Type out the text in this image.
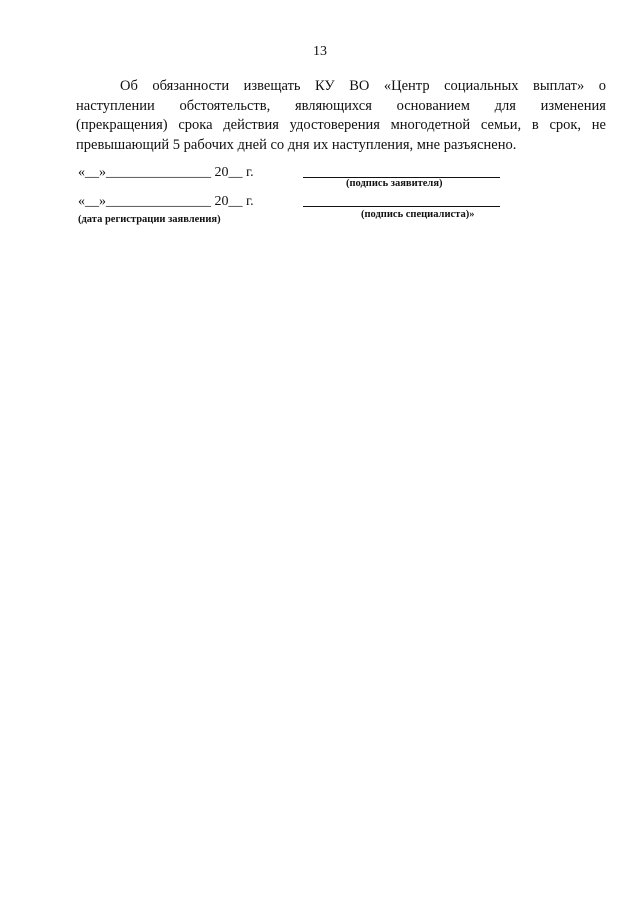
13
Об обязанности извещать КУ ВО «Центр социальных выплат» о
наступлении обстоятельств, являющихся основанием для изменения
(прекращения) срока действия удостоверения многодетной семьи, в срок, не
превышающий 5 рабочих дней со дня их наступления, мне разъяснено.
«__»_______________ 20__ г.
(подпись заявителя)
«__»_______________ 20__ г.
(дата регистрации заявления)	(подпись специалиста)»
